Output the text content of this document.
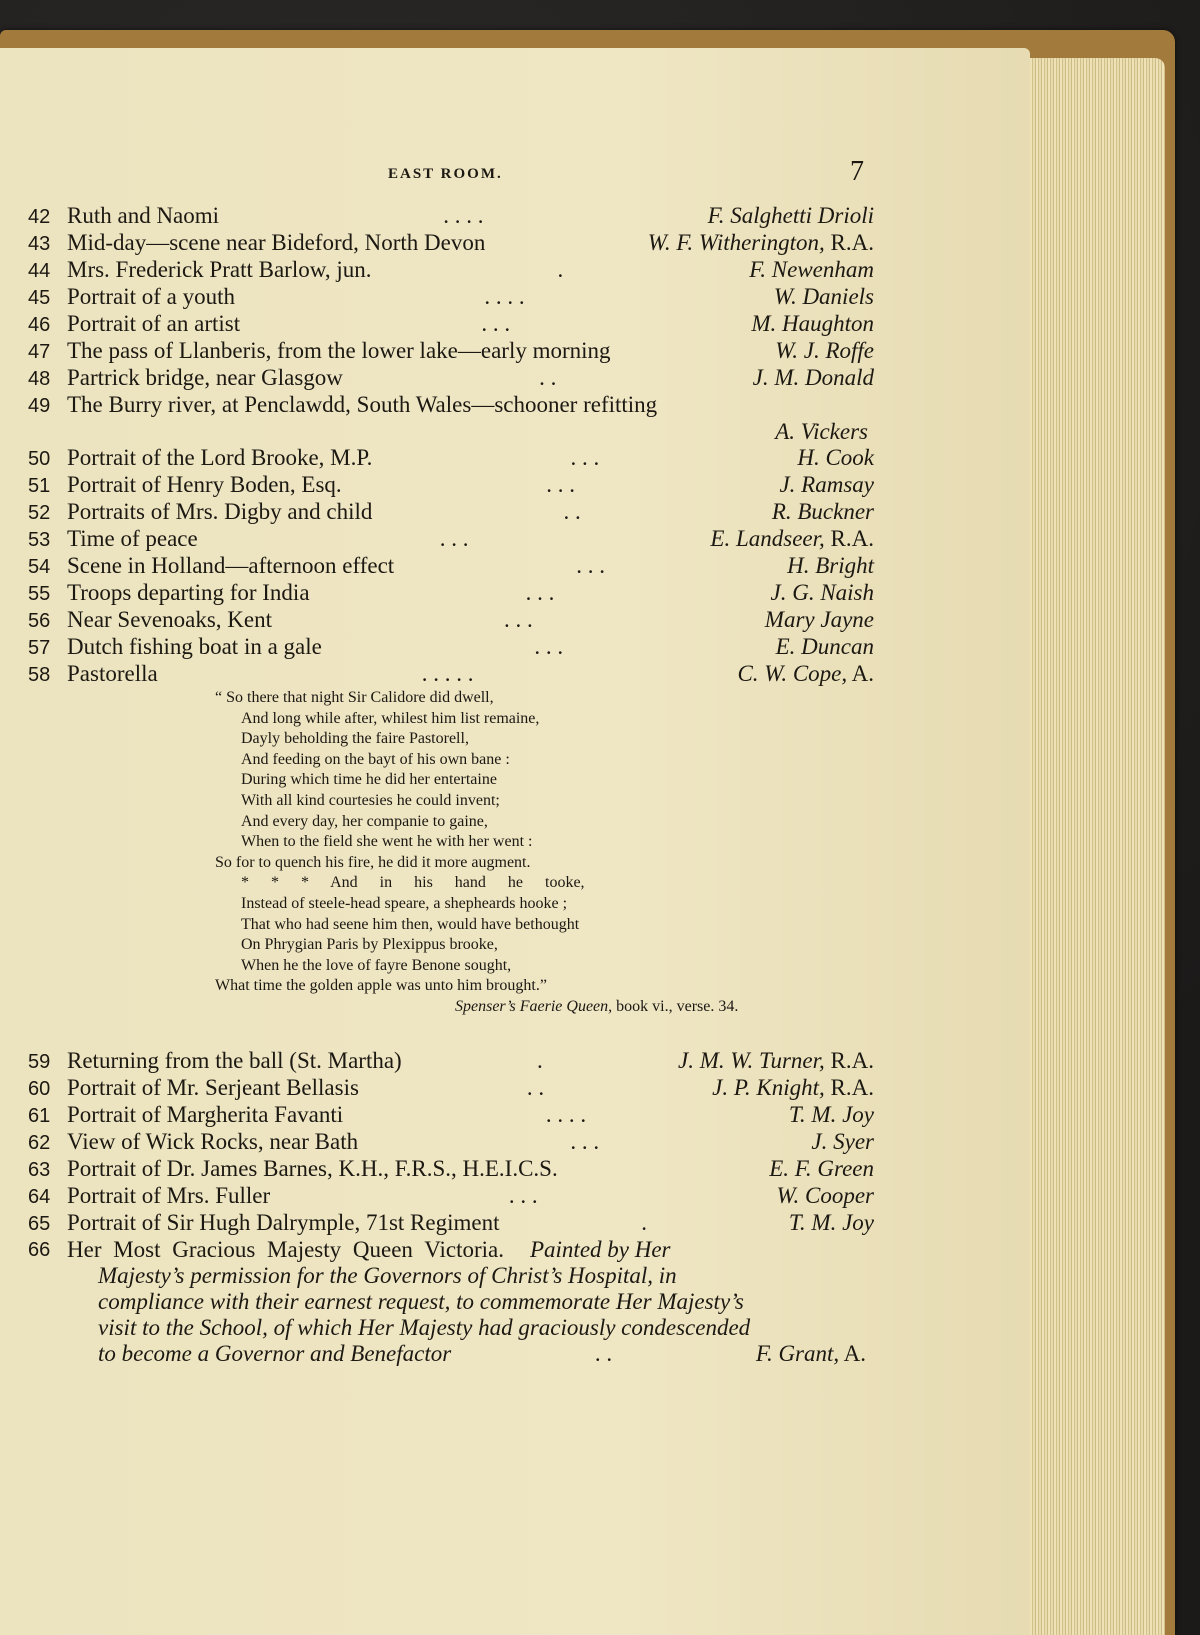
EAST ROOM.	7
42 Ruth and Naomi	. . . .	F. Salghetti Drioli
43 Mid-day—scene near Bideford, North Devon	W. F. Witherington, R.A.
44 Mrs. Frederick Pratt Barlow, jun.	.	F. Newenham
45 Portrait of a youth	. . . .	W. Daniels
46 Portrait of an artist	. . .	M. Haughton
47 The pass of Llanberis, from the lower lake—early morning	W. J. Roffe
48 Partrick bridge, near Glasgow	. .	J. M. Donald
49 The Burry river, at Penclawdd, South Wales—schooner refitting
A. Vickers
50 Portrait of the Lord Brooke, M.P.	. . .	H. Cook
51 Portrait of Henry Boden, Esq.	. . .	J. Ramsay
52 Portraits of Mrs. Digby and child	. .	R. Buckner
53 Time of peace	. . .	E. Landseer, R.A.
54 Scene in Holland—afternoon effect	. . .	H. Bright
55 Troops departing for India	. . .	J. G. Naish
56 Near Sevenoaks, Kent	. . .	Mary Jayne
57 Dutch fishing boat in a gale	. . .	E. Duncan
58 Pastorella	. . . . .	C. W. Cope, A.
“ So there that night Sir Calidore did dwell,
And long while after, whilest him list remaine,
Dayly beholding the faire Pastorell,
And feeding on the bayt of his own bane :
During which time he did her entertaine
With all kind courtesies he could invent;
And every day, her companie to gaine,
When to the field she went he with her went :
So for to quench his fire, he did it more augment.
* * * And in his hand he tooke,
Instead of steele-head speare, a shepheards hooke ;
That who had seene him then, would have bethought
On Phrygian Paris by Plexippus brooke,
When he the love of fayre Benone sought,
What time the golden apple was unto him brought.”
Spenser’s Faerie Queen, book vi., verse. 34.
59 Returning from the ball (St. Martha)	.	J. M. W. Turner, R.A.
60 Portrait of Mr. Serjeant Bellasis	. .	J. P. Knight, R.A.
61 Portrait of Margherita Favanti	. . . .	T. M. Joy
62 View of Wick Rocks, near Bath	. . .	J. Syer
63 Portrait of Dr. James Barnes, K.H., F.R.S., H.E.I.C.S.	E. F. Green
64 Portrait of Mrs. Fuller	. . .	W. Cooper
65 Portrait of Sir Hugh Dalrymple, 71st Regiment	.	T. M. Joy
66 Her Most Gracious Majesty Queen Victoria.	Painted by Her
Majesty’s permission for the Governors of Christ’s Hospital, in
compliance with their earnest request, to commemorate Her Majesty’s
visit to the School, of which Her Majesty had graciously condescended
to become a Governor and Benefactor	. .	F. Grant, A.
